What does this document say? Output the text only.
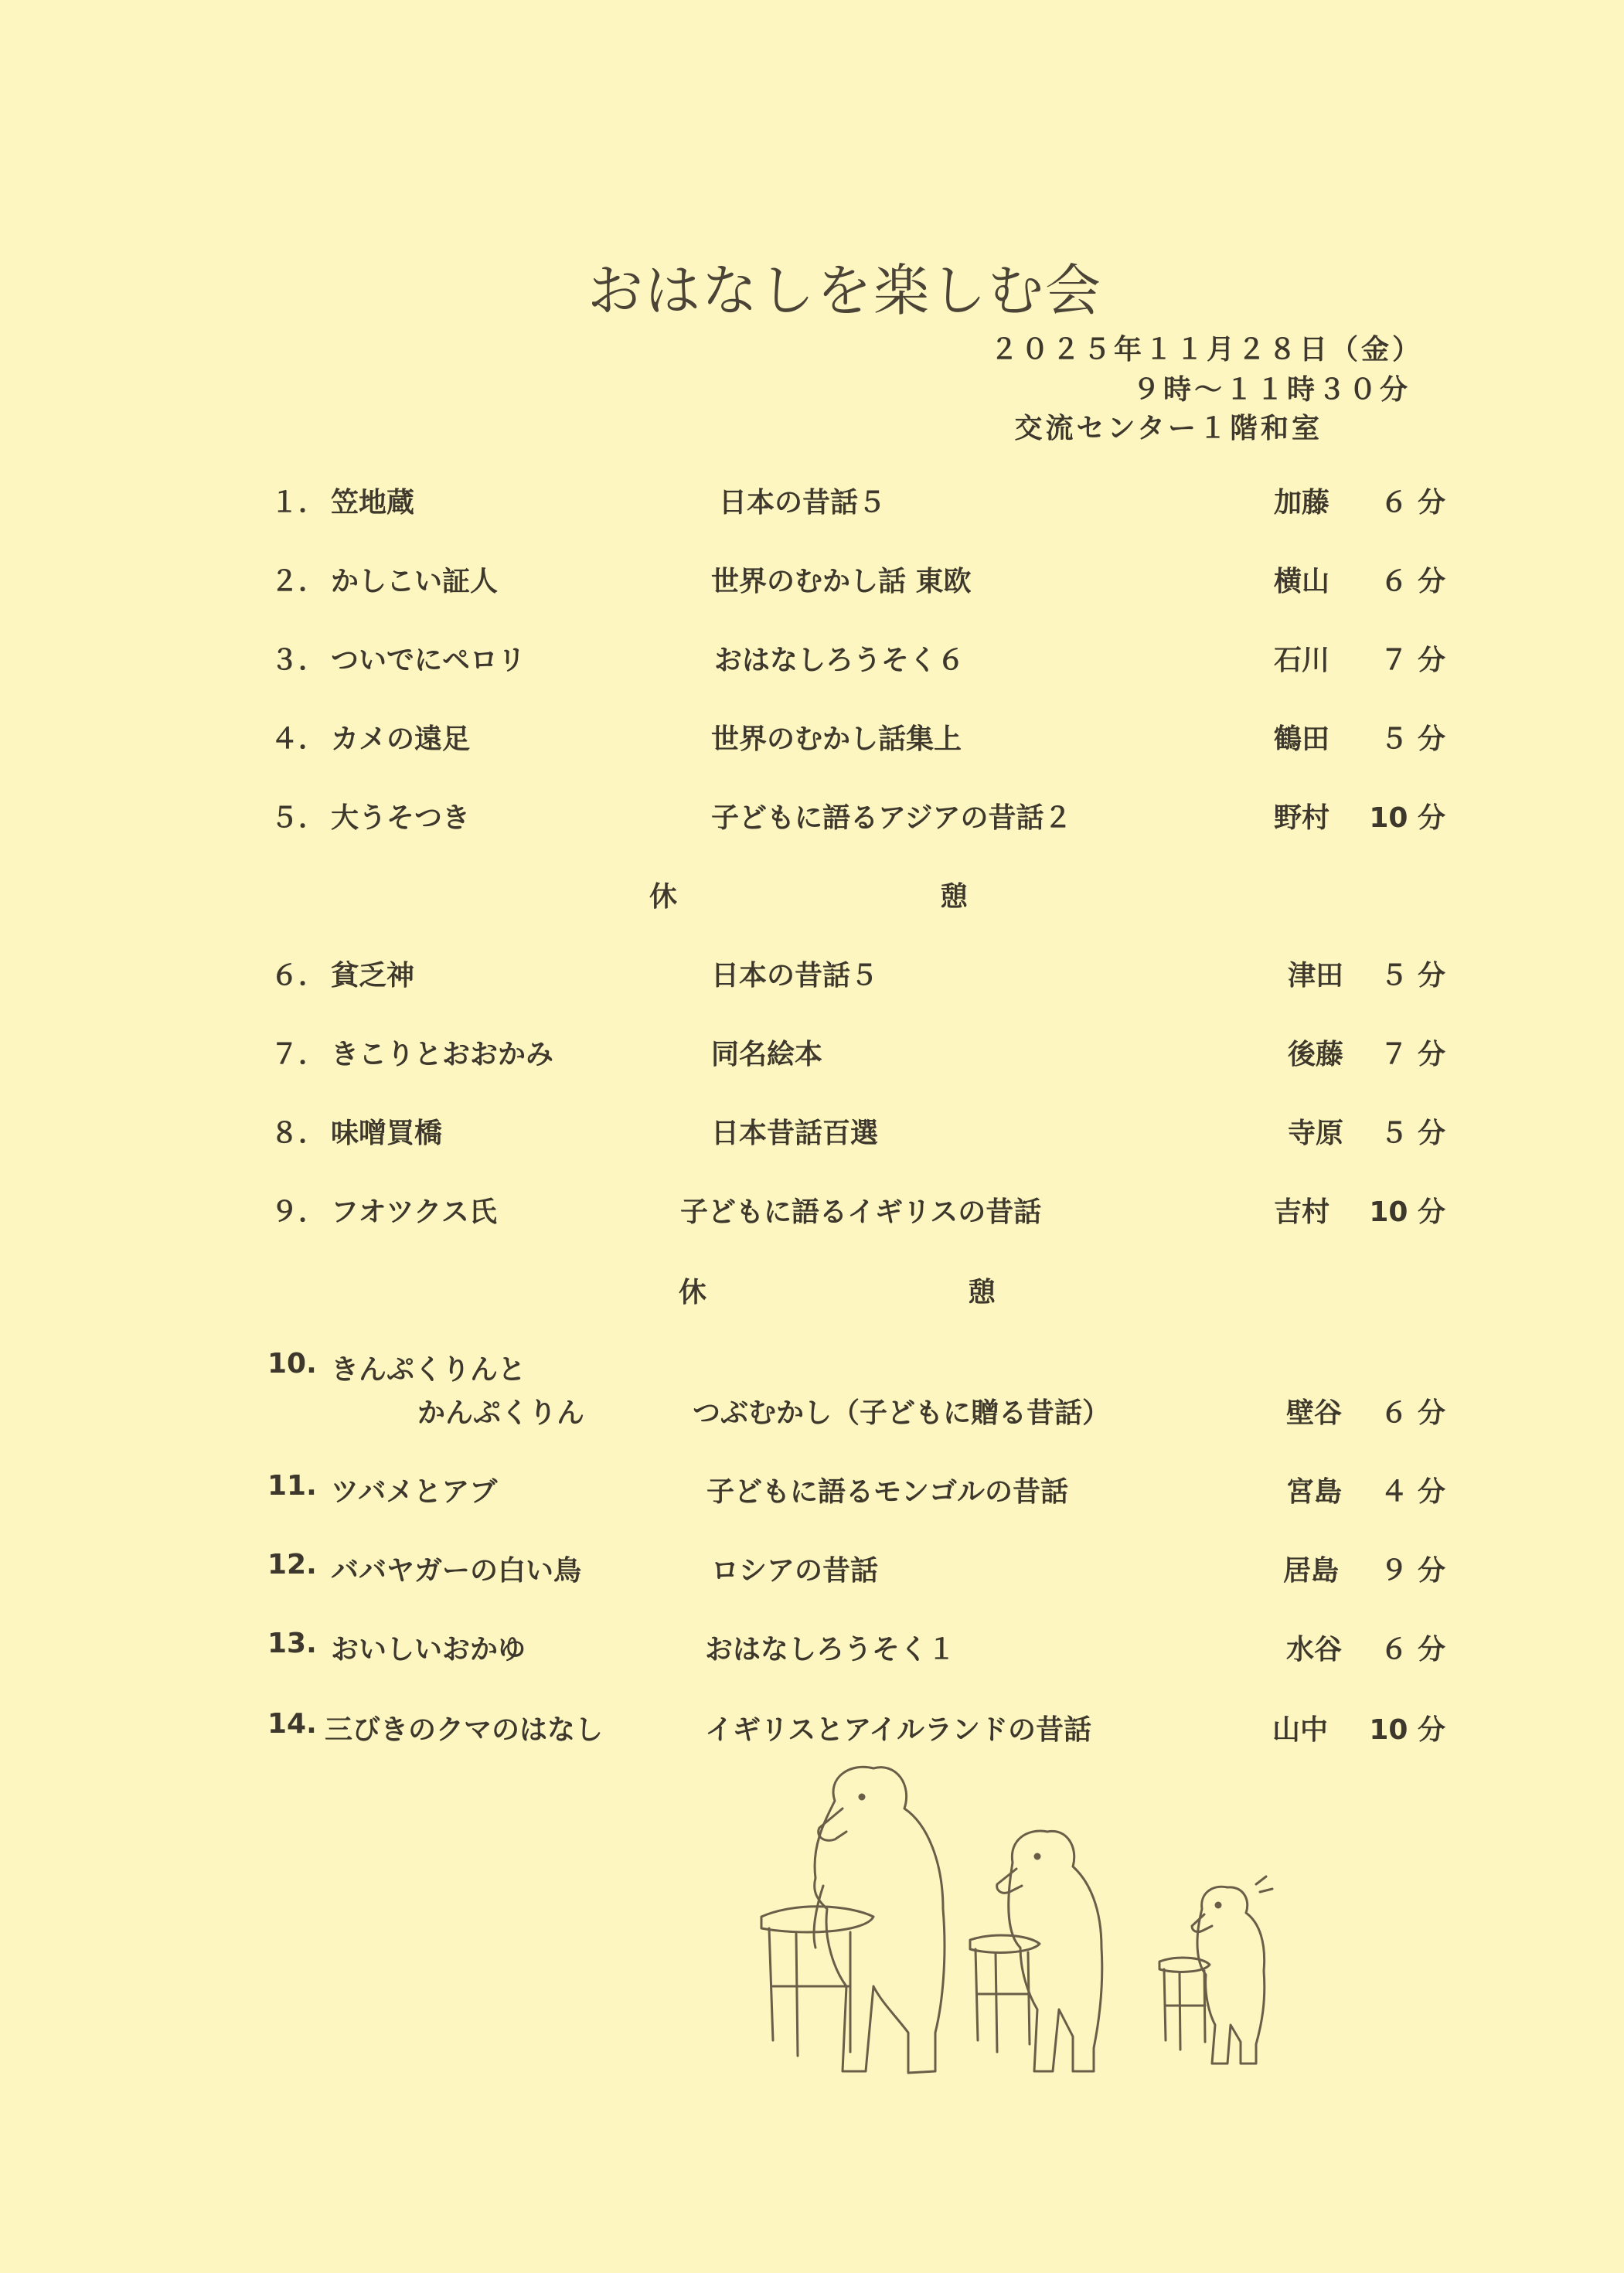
おはなしを楽しむ会
２０２５年１１月２８日（金）
９時～１１時３０分
交流センター１階和室
１． 笠地蔵	日本の昔話５	加藤	６ 分
２． かしこい証人	世界のむかし話 東欧	横山	６ 分
３． ついでにペロリ	おはなしろうそく６	石川	７ 分
４． カメの遠足	世界のむかし話集上	鶴田	５ 分
５． 大うそつき	子どもに語るアジアの昔話２	野村	10 分
休	憩
６． 貧乏神	日本の昔話５	津田	５ 分
７． きこりとおおかみ	同名絵本	後藤	７ 分
８． 味噌買橋	日本昔話百選	寺原	５ 分
９． フオツクス氏	子どもに語るイギリスの昔話	吉村	10 分
休	憩
10. きんぷくりんと
かんぷくりん	つぶむかし（子どもに贈る昔話）	壁谷	６ 分
11. ツバメとアブ	子どもに語るモンゴルの昔話	宮島	４ 分
12. ババヤガーの白い鳥	ロシアの昔話	居島	９ 分
13. おいしいおかゆ	おはなしろうそく１	水谷	６ 分
14. 三びきのクマのはなし	イギリスとアイルランドの昔話	山中	10 分
